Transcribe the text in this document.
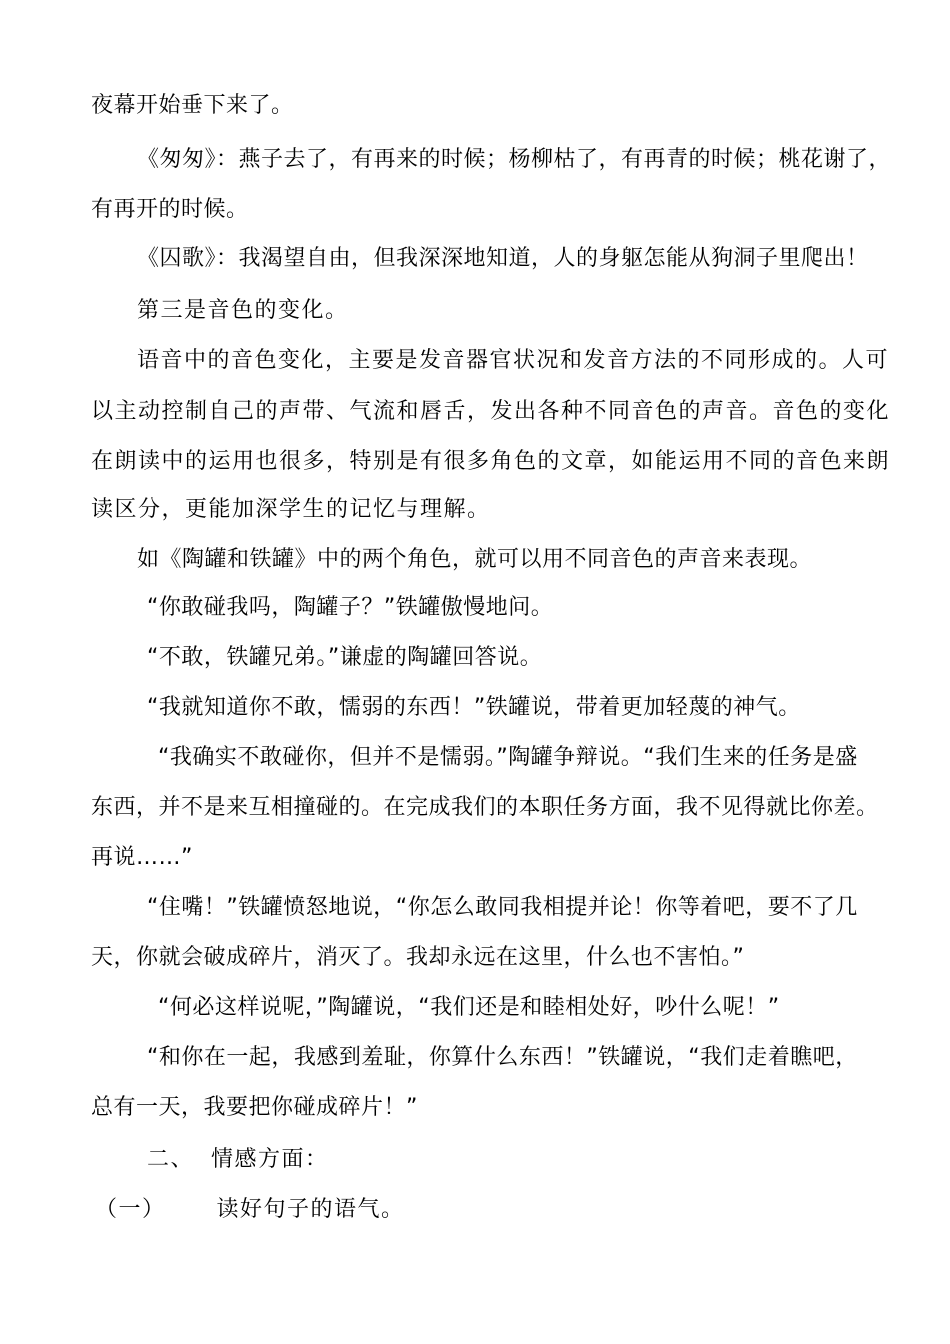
夜幕开始垂下来了。
《匆匆》：燕子去了，有再来的时候；杨柳枯了，有再青的时候；桃花谢了，
有再开的时候。
《囚歌》：我渴望自由，但我深深地知道，人的身躯怎能从狗洞子里爬出！
第三是音色的变化。
语音中的音色变化，主要是发音器官状况和发音方法的不同形成的。人可
以主动控制自己的声带、气流和唇舌，发出各种不同音色的声音。音色的变化
在朗读中的运用也很多，特别是有很多角色的文章，如能运用不同的音色来朗
读区分，更能加深学生的记忆与理解。
如《陶罐和铁罐》中的两个角色，就可以用不同音色的声音来表现。
“你敢碰我吗，陶罐子？”铁罐傲慢地问。
“不敢，铁罐兄弟。”谦虚的陶罐回答说。
“我就知道你不敢，懦弱的东西！”铁罐说，带着更加轻蔑的神气。
“我确实不敢碰你，但并不是懦弱。”陶罐争辩说。“我们生来的任务是盛
东西，并不是来互相撞碰的。在完成我们的本职任务方面，我不见得就比你差。
再说……”
“住嘴！”铁罐愤怒地说，“你怎么敢同我相提并论！你等着吧，要不了几
天，你就会破成碎片，消灭了。我却永远在这里，什么也不害怕。”
“何必这样说呢，”陶罐说，“我们还是和睦相处好，吵什么呢！”
“和你在一起，我感到羞耻，你算什么东西！”铁罐说，“我们走着瞧吧，
总有一天，我要把你碰成碎片！”
二、  情感方面：
（一）      读好句子的语气。
